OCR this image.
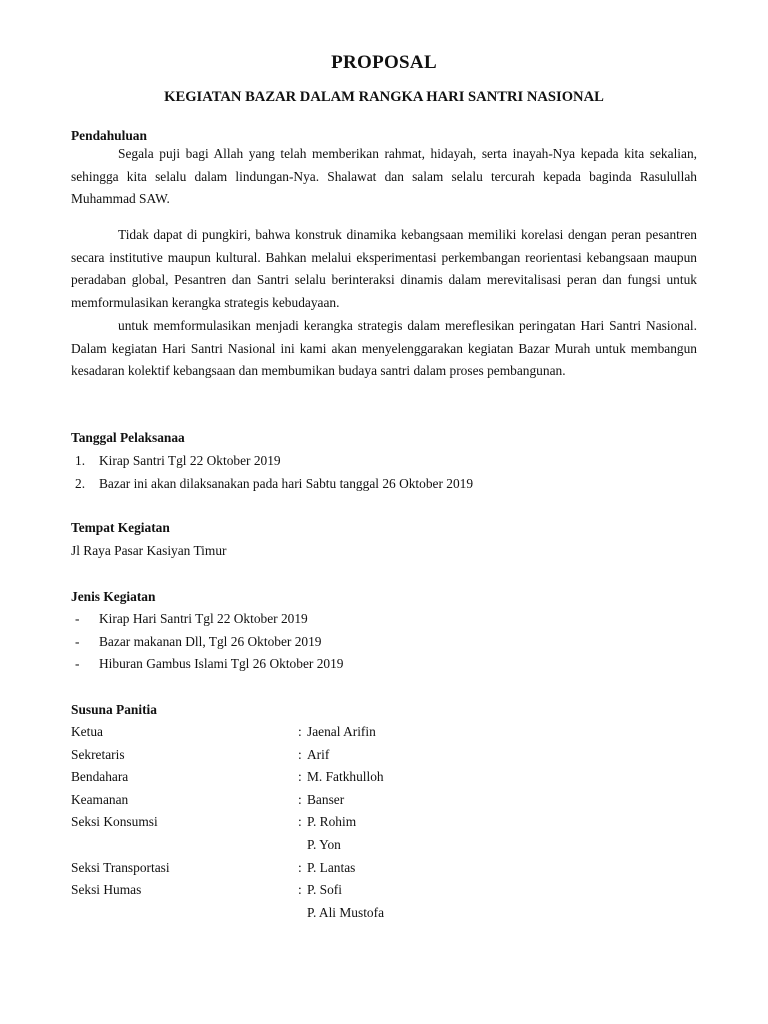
PROPOSAL
KEGIATAN BAZAR DALAM RANGKA HARI SANTRI NASIONAL
Pendahuluan

Segala puji bagi Allah yang telah memberikan rahmat, hidayah, serta inayah-Nya kepada kita sekalian, sehingga kita selalu dalam lindungan-Nya. Shalawat dan salam selalu tercurah kepada baginda Rasulullah Muhammad SAW.

Tidak dapat di pungkiri, bahwa konstruk dinamika kebangsaan memiliki korelasi dengan peran pesantren secara institutive maupun kultural. Bahkan melalui eksperimentasi perkembangan reorientasi kebangsaan maupun peradaban global, Pesantren dan Santri selalu berinteraksi dinamis dalam merevitalisasi peran dan fungsi untuk memformulasikan kerangka strategis kebudayaan.

untuk memformulasikan menjadi kerangka strategis dalam mereflesikan peringatan Hari Santri Nasional. Dalam kegiatan Hari Santri Nasional ini kami akan menyelenggarakan kegiatan Bazar Murah untuk membangun kesadaran kolektif kebangsaan dan membumikan budaya santri dalam proses pembangunan.

Tanggal Pelaksanaa
1. Kirap Santri Tgl 22 Oktober 2019
2. Bazar ini akan dilaksanakan pada hari Sabtu tanggal 26 Oktober 2019
Tempat Kegiatan
Jl Raya Pasar Kasiyan Timur
Jenis Kegiatan
- Kirap Hari Santri Tgl 22 Oktober 2019
- Bazar makanan Dll, Tgl 26 Oktober 2019
- Hiburan Gambus Islami Tgl 26 Oktober 2019
Susuna Panitia
Ketua	: Jaenal Arifin
Sekretaris	: Arif
Bendahara	: M. Fatkhulloh
Keamanan	: Banser
Seksi Konsumsi	: P. Rohim
P. Yon
Seksi Transportasi	: P. Lantas
Seksi Humas	: P. Sofi
P. Ali Mustofa
